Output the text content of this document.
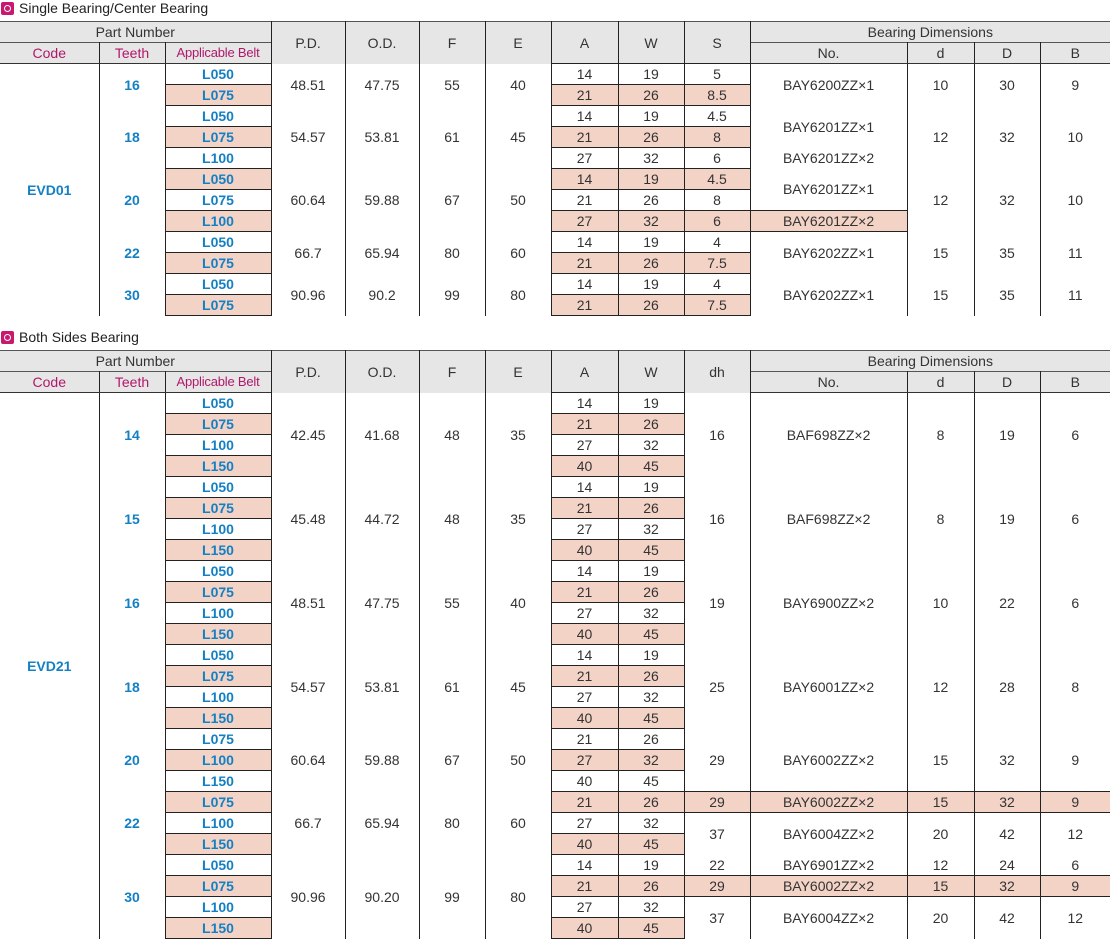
Single Bearing/Center Bearing
Part Number			P.D.	O.D.	F	E	A	W	S	Bearing Dimensions			
Code	Teeth	Applicable Belt								No.	d	D	B
EVD01	16	L050	48.51	47.75	55	40	14	19	5	BAY6200ZZ×1	10	30	9
		L075					21	26	8.5				
	18	L050	54.57	53.81	61	45	14	19	4.5	BAY6201ZZ×1	12	32	10
		L075					21	26	8				
		L100					27	32	6	BAY6201ZZ×2			
	20	L050	60.64	59.88	67	50	14	19	4.5	BAY6201ZZ×1	12	32	10
		L075					21	26	8				
		L100					27	32	6	BAY6201ZZ×2			
	22	L050	66.7	65.94	80	60	14	19	4	BAY6202ZZ×1	15	35	11
		L075					21	26	7.5				
	30	L050	90.96	90.2	99	80	14	19	4	BAY6202ZZ×1	15	35	11
		L075					21	26	7.5				
Both Sides Bearing
Part Number			P.D.	O.D.	F	E	A	W	dh	Bearing Dimensions			
Code	Teeth	Applicable Belt								No.	d	D	B
EVD21	14	L050	42.45	41.68	48	35	14	19	16	BAF698ZZ×2	8	19	6
		L075					21	26					
		L100					27	32					
		L150					40	45					
	15	L050	45.48	44.72	48	35	14	19	16	BAF698ZZ×2	8	19	6
		L075					21	26					
		L100					27	32					
		L150					40	45					
	16	L050	48.51	47.75	55	40	14	19	19	BAY6900ZZ×2	10	22	6
		L075					21	26					
		L100					27	32					
		L150					40	45					
	18	L050	54.57	53.81	61	45	14	19	25	BAY6001ZZ×2	12	28	8
		L075					21	26					
		L100					27	32					
		L150					40	45					
	20	L075	60.64	59.88	67	50	21	26	29	BAY6002ZZ×2	15	32	9
		L100					27	32					
		L150					40	45					
	22	L075	66.7	65.94	80	60	21	26	29	BAY6002ZZ×2	15	32	9
		L100					27	32	37	BAY6004ZZ×2	20	42	12
		L150					40	45					
	30	L050	90.96	90.20	99	80	14	19	22	BAY6901ZZ×2	12	24	6
		L075					21	26	29	BAY6002ZZ×2	15	32	9
		L100					27	32	37	BAY6004ZZ×2	20	42	12
		L150					40	45					
